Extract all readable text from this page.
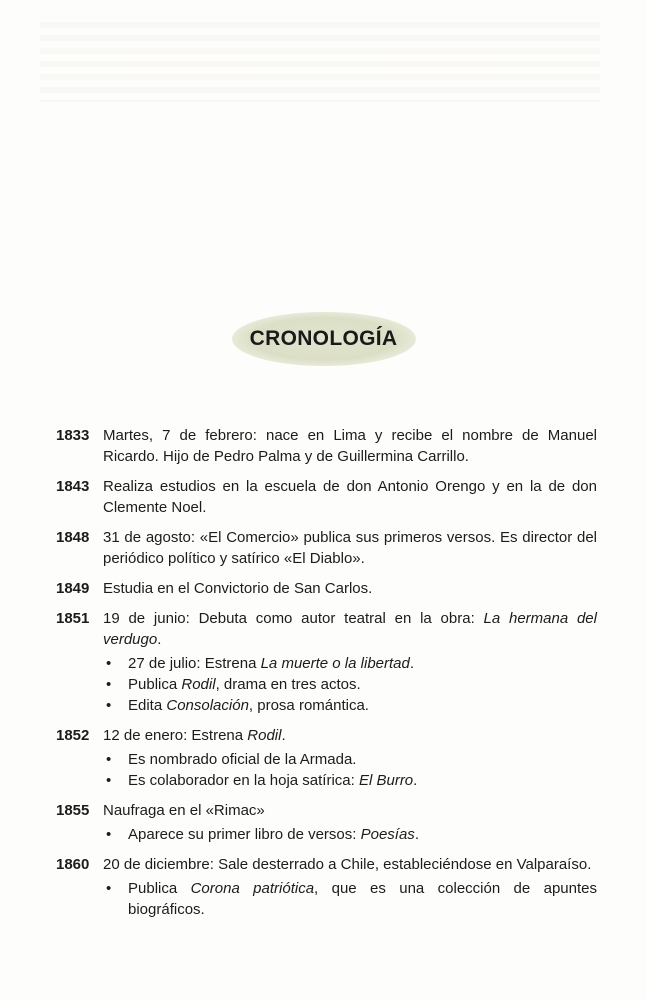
CRONOLOGÍA
1833 Martes, 7 de febrero: nace en Lima y recibe el nombre de Manuel Ricardo. Hijo de Pedro Palma y de Guillermina Carrillo.
1843 Realiza estudios en la escuela de don Antonio Orengo y en la de don Clemente Noel.
1848 31 de agosto: «El Comercio» publica sus primeros versos. Es director del periódico político y satírico «El Diablo».
1849 Estudia en el Convictorio de San Carlos.
1851 19 de junio: Debuta como autor teatral en la obra: La hermana del verdugo.
• 27 de julio: Estrena La muerte o la libertad.
• Publica Rodil, drama en tres actos.
• Edita Consolación, prosa romántica.
1852 12 de enero: Estrena Rodil.
• Es nombrado oficial de la Armada.
• Es colaborador en la hoja satírica: El Burro.
1855 Naufraga en el «Rimac»
• Aparece su primer libro de versos: Poesías.
1860 20 de diciembre: Sale desterrado a Chile, estableciéndose en Valparaíso.
• Publica Corona patriótica, que es una colección de apuntes biográficos.
